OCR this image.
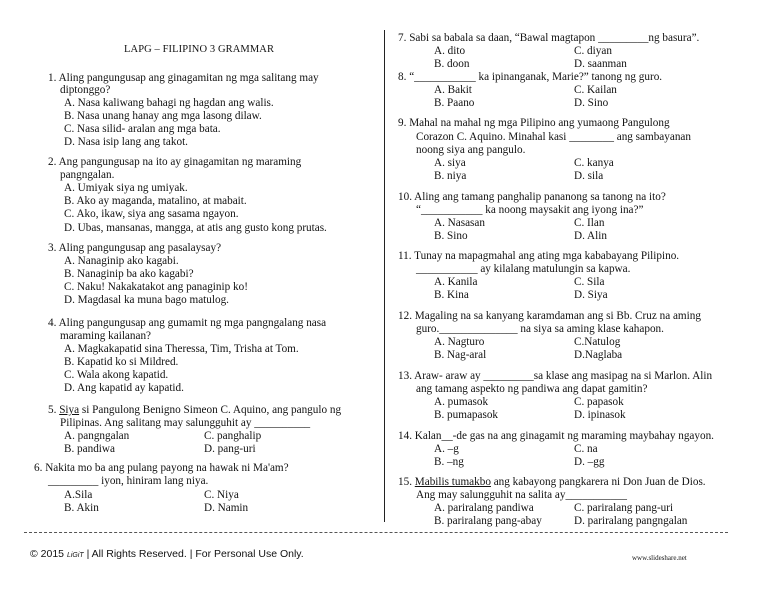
LAPG – FILIPINO 3 GRAMMAR
1. Aling pangungusap ang ginagamitan ng mga salitang may
diptonggo?
A. Nasa kaliwang bahagi ng hagdan ang walis.
B. Nasa unang hanay ang mga lasong dilaw.
C. Nasa silid- aralan ang mga bata.
D. Nasa isip lang ang takot.
2. Ang pangungusap na ito ay ginagamitan ng maraming
pangngalan.
A. Umiyak siya ng umiyak.
B. Ako ay maganda, matalino, at mabait.
C. Ako, ikaw, siya ang sasama ngayon.
D. Ubas, mansanas, mangga, at atis ang gusto kong prutas.
3. Aling pangungusap ang pasalaysay?
A. Nanaginip ako kagabi.
B. Nanaginip ba ako kagabi?
C. Naku! Nakakatakot ang panaginip ko!
D. Magdasal ka muna bago matulog.
4. Aling pangungusap ang gumamit ng mga pangngalang nasa
maraming kailanan?
A. Magkakapatid sina Theressa, Tim, Trisha at Tom.
B. Kapatid ko si Mildred.
C. Wala akong kapatid.
D. Ang kapatid ay kapatid.
5. Siya si Pangulong Benigno Simeon C. Aquino, ang pangulo ng
Pilipinas. Ang salitang may salungguhit ay __________
A. pangngalan	C. panghalip
B. pandiwa	D. pang-uri
6. Nakita mo ba ang pulang payong na hawak ni Ma'am?
_________ iyon, hiniram lang niya.
A.Sila	C. Niya
B. Akin	D. Namin
7. Sabi sa babala sa daan, “Bawal magtapon _________ng basura”.
A. dito	C. diyan
B. doon	D. saanman
8. “___________ ka ipinanganak, Marie?” tanong ng guro.
A. Bakit	C. Kailan
B. Paano	D. Sino
9. Mahal na mahal ng mga Pilipino ang yumaong Pangulong
Corazon C. Aquino. Minahal kasi ________ ang sambayanan
noong siya ang pangulo.
A. siya	C. kanya
B. niya	D. sila
10. Aling ang tamang panghalip pananong sa tanong na ito?
“___________ ka noong maysakit ang iyong ina?”
A. Nasasan	C. Ilan
B. Sino	D. Alin
11. Tunay na mapagmahal ang ating mga kababayang Pilipino.
___________ ay kilalang matulungin sa kapwa.
A. Kanila	C. Sila
B. Kina	D. Siya
12. Magaling na sa kanyang karamdaman ang si Bb. Cruz na aming
guro.______________ na siya sa aming klase kahapon.
A. Nagturo	C.Natulog
B. Nag-aral	D.Naglaba
13. Araw- araw ay _________sa klase ang masipag na si Marlon. Alin
ang tamang aspekto ng pandiwa ang dapat gamitin?
A. pumasok	C. papasok
B. pumapasok	D. ipinasok
14. Kalan__-de gas na ang ginagamit ng maraming maybahay ngayon.
A. –g	C. na
B. –ng	D. –gg
15. Mabilis tumakbo ang kabayong pangkarera ni Don Juan de Dios.
Ang may salungguhit na salita ay___________
A. pariralang pandiwa	C. pariralang pang-uri
B. pariralang pang-abay	D. pariralang pangngalan
© 2015 LiGiT | All Rights Reserved. | For Personal Use Only.	www.slideshare.net
